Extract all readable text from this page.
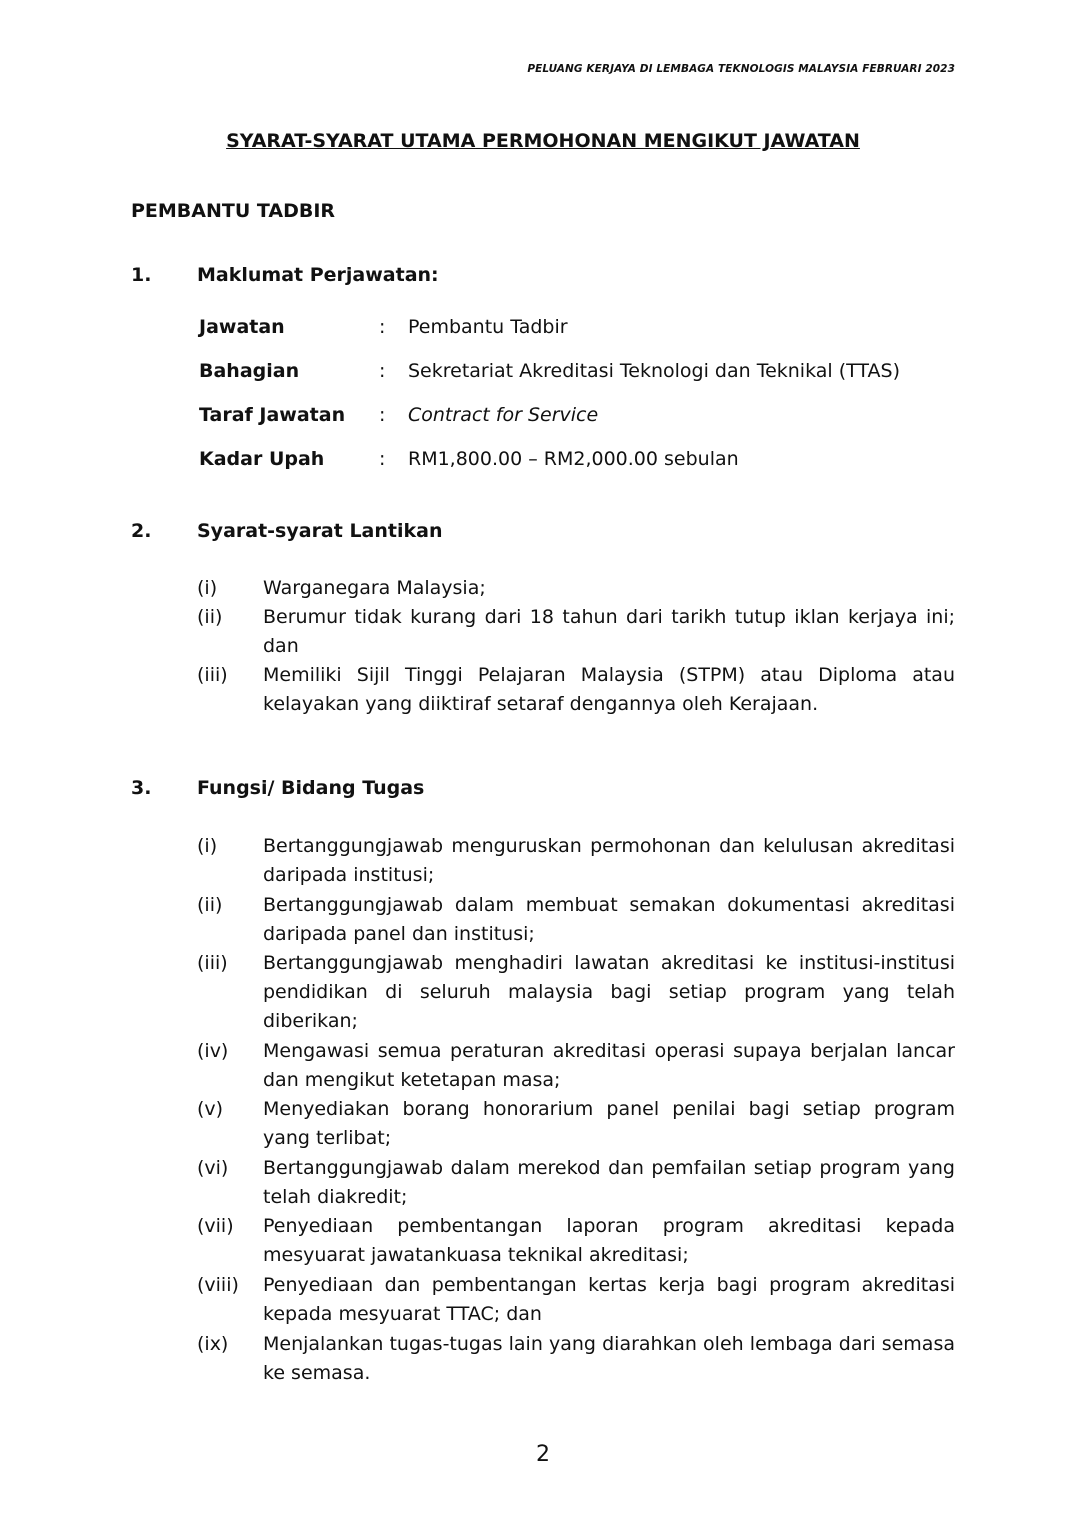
PELUANG KERJAYA DI LEMBAGA TEKNOLOGIS MALAYSIA FEBRUARI 2023
SYARAT-SYARAT UTAMA PERMOHONAN MENGIKUT JAWATAN
PEMBANTU TADBIR
1. Maklumat Perjawatan:
Jawatan	: Pembantu Tadbir
Bahagian	: Sekretariat Akreditasi Teknologi dan Teknikal (TTAS)
Taraf Jawatan : Contract for Service
Kadar Upah	: RM1,800.00 – RM2,000.00 sebulan
2. Syarat-syarat Lantikan
(i) Warganegara Malaysia;
(ii) Berumur tidak kurang dari 18 tahun dari tarikh tutup iklan kerjaya ini; dan
(iii) Memiliki Sijil Tinggi Pelajaran Malaysia (STPM) atau Diploma atau kelayakan yang diiktiraf setaraf dengannya oleh Kerajaan.
3. Fungsi/ Bidang Tugas
(i) Bertanggungjawab menguruskan permohonan dan kelulusan akreditasi daripada institusi;
(ii) Bertanggungjawab dalam membuat semakan dokumentasi akreditasi daripada panel dan institusi;
(iii) Bertanggungjawab menghadiri lawatan akreditasi ke institusi-institusi pendidikan di seluruh malaysia bagi setiap program yang telah diberikan;
(iv) Mengawasi semua peraturan akreditasi operasi supaya berjalan lancar dan mengikut ketetapan masa;
(v) Menyediakan borang honorarium panel penilai bagi setiap program yang terlibat;
(vi) Bertanggungjawab dalam merekod dan pemfailan setiap program yang telah diakredit;
(vii) Penyediaan pembentangan laporan program akreditasi kepada mesyuarat jawatankuasa teknikal akreditasi;
(viii) Penyediaan dan pembentangan kertas kerja bagi program akreditasi kepada mesyuarat TTAC; dan
(ix) Menjalankan tugas-tugas lain yang diarahkan oleh lembaga dari semasa ke semasa.
2
